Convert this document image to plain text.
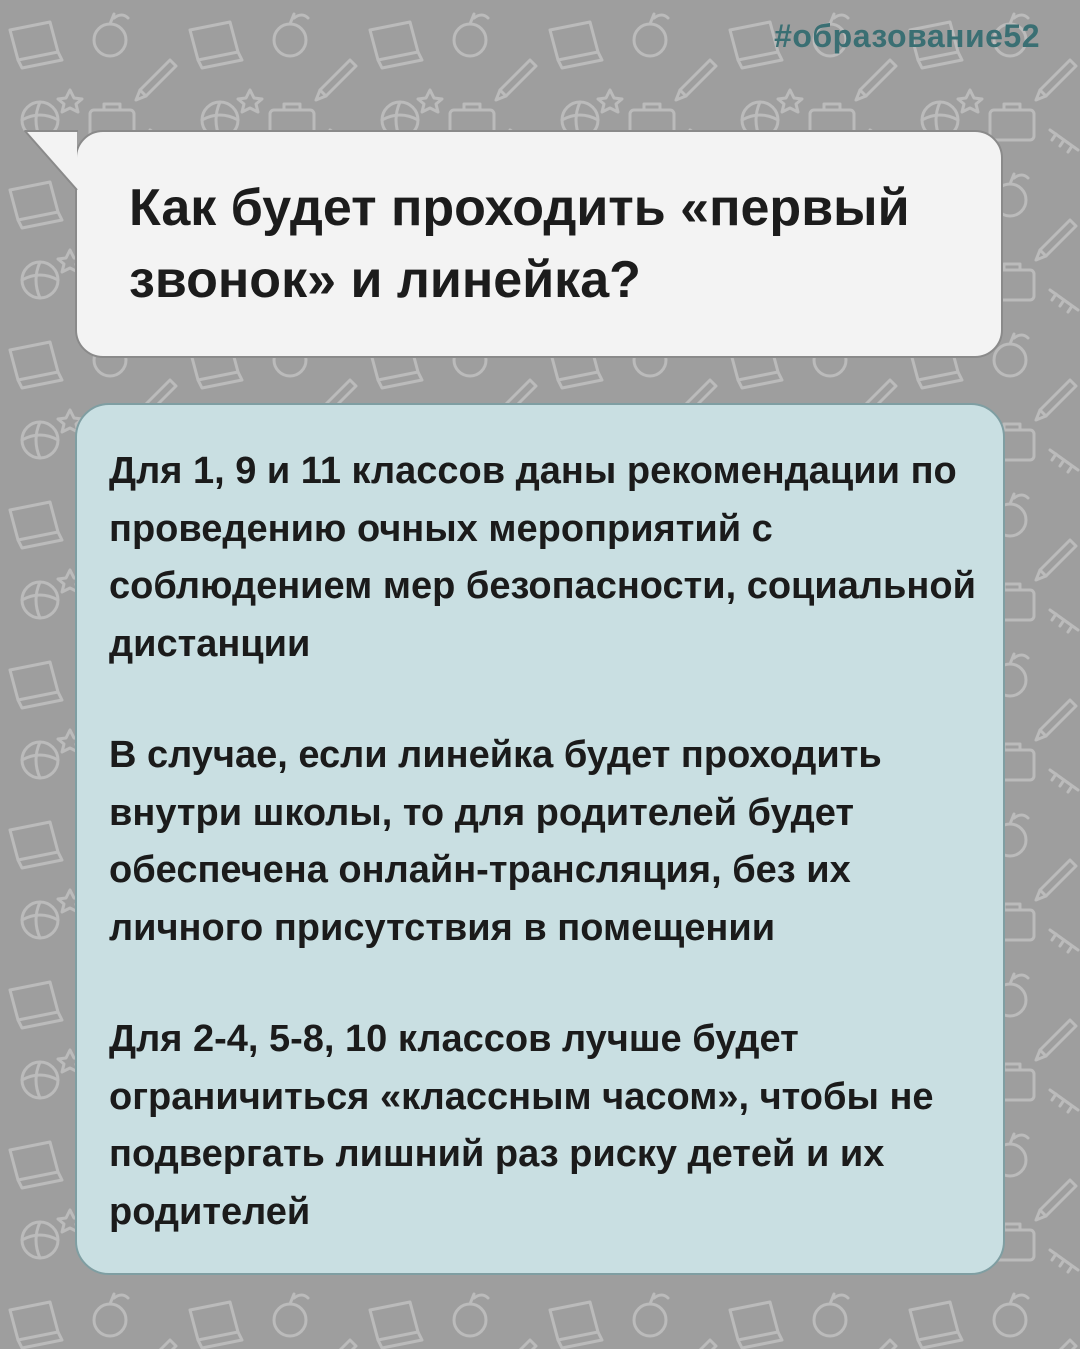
#образование52
Как будет проходить «первый звонок» и линейка?

Для 1, 9 и 11 классов даны рекомендации по проведению очных мероприятий с соблюдением мер безопасности, социальной дистанции

В случае, если линейка будет проходить внутри школы, то для родителей будет обеспечена онлайн-трансляция, без их личного присутствия в помещении

Для 2-4, 5-8, 10 классов лучше будет ограничиться «классным часом», чтобы не подвергать лишний раз риску детей и их родителей
